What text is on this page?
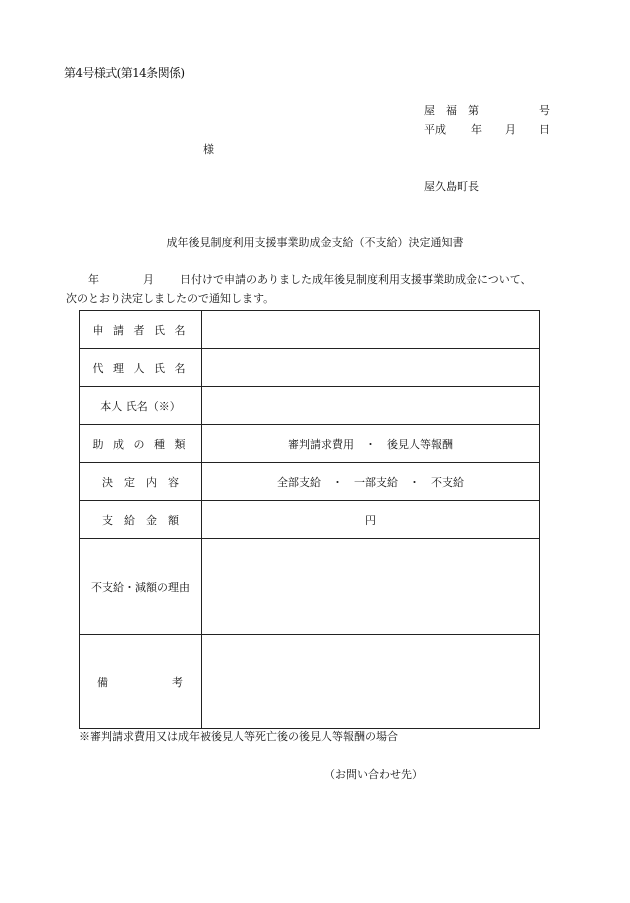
第4号様式(第14条関係)
屋 福 第	号
平成 年 月 日
様
屋久島町長
成年後見制度利用支援事業助成金支給（不支給）決定通知書
年	月 日付けで申請のありました成年後見制度利用支援事業助成金について、
次のとおり決定しましたので通知します。
申 請 者 氏 名	
代 理 人 氏 名	
本人 氏名（※）	
助 成 の 種 類	審判請求費用　・　後見人等報酬
決　定　内　容	全部支給　・　一部支給　・　不支給
支　給　金　額	円
不支給・減額の理由	

備 考	

※審判請求費用又は成年被後見人等死亡後の後見人等報酬の場合
（お問い合わせ先）
